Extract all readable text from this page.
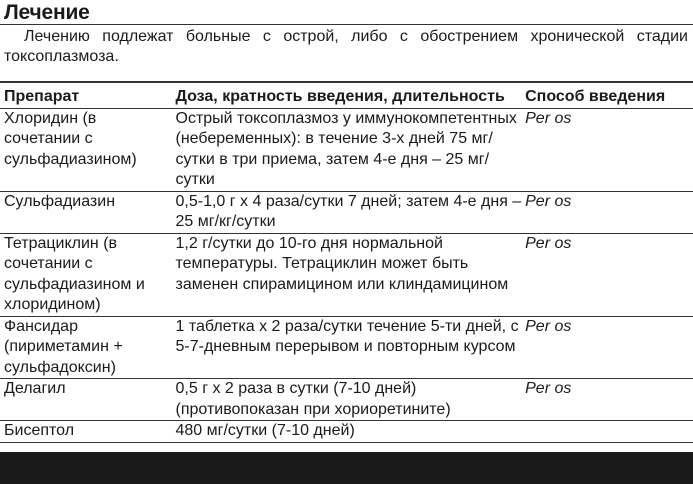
Лечение
Лечению подлежат больные с острой, либо с обострением хронической стадии токсоплазмоза.
Препарат	Доза, кратность введения, длительность	Способ введения
Хлоридин (в сочетании с сульфадиазином)	Острый токсоплазмоз у иммунокомпетентных (небеременных): в течение 3-х дней 75 мг/сутки в три приема, затем 4-е дня – 25 мг/сутки	Per os
Сульфадиазин	0,5-1,0 г х 4 раза/сутки 7 дней; затем 4-е дня – 25 мг/кг/сутки	Per os
Тетрациклин (в сочетании с сульфадиазином и хлоридином)	1,2 г/сутки до 10-го дня нормальной температуры. Тетрациклин может быть заменен спирамицином или клиндамицином	Per os
Фансидар (пириметамин + сульфадоксин)	1 таблетка х 2 раза/сутки течение 5-ти дней, с 5-7-дневным перерывом и повторным курсом	Per os
Делагил	0,5 г х 2 раза в сутки (7-10 дней) (противопоказан при хориоретините)	Per os
Бисептол	480 мг/сутки (7-10 дней)	
